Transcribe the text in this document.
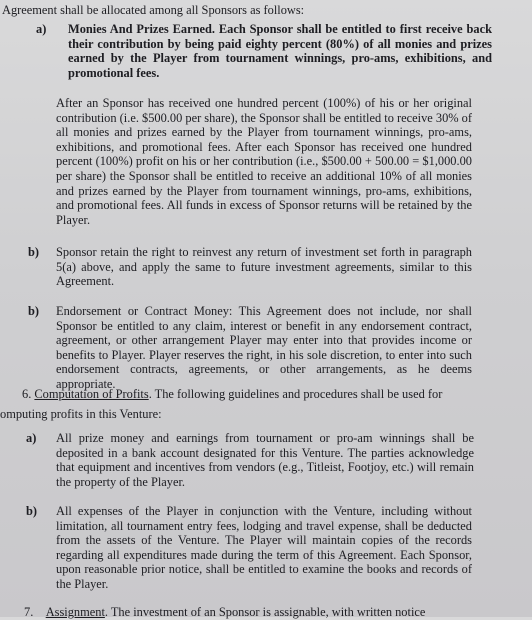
Agreement shall be allocated among all Sponsors as follows:

a) Monies And Prizes Earned. Each Sponsor shall be entitled to first receive back their contribution by being paid eighty percent (80%) of all monies and prizes earned by the Player from tournament winnings, pro-ams, exhibitions, and promotional fees.

After an Sponsor has received one hundred percent (100%) of his or her original contribution (i.e. $500.00 per share), the Sponsor shall be entitled to receive 30% of all monies and prizes earned by the Player from tournament winnings, pro-ams, exhibitions, and promotional fees. After each Sponsor has received one hundred percent (100%) profit on his or her contribution (i.e., $500.00 + 500.00 = $1,000.00 per share) the Sponsor shall be entitled to receive an additional 10% of all monies and prizes earned by the Player from tournament winnings, pro-ams, exhibitions, and promotional fees. All funds in excess of Sponsor returns will be retained by the Player.

b) Sponsor retain the right to reinvest any return of investment set forth in paragraph 5(a) above, and apply the same to future investment agreements, similar to this Agreement.

b) Endorsement or Contract Money: This Agreement does not include, nor shall Sponsor be entitled to any claim, interest or benefit in any endorsement contract, agreement, or other arrangement Player may enter into that provides income or benefits to Player. Player reserves the right, in his sole discretion, to enter into such endorsement contracts, agreements, or other arrangements, as he deems appropriate.

6. Computation of Profits. The following guidelines and procedures shall be used for

omputing profits in this Venture:

a) All prize money and earnings from tournament or pro-am winnings shall be deposited in a bank account designated for this Venture. The parties acknowledge that equipment and incentives from vendors (e.g., Titleist, Footjoy, etc.) will remain the property of the Player.

b) All expenses of the Player in conjunction with the Venture, including without limitation, all tournament entry fees, lodging and travel expense, shall be deducted from the assets of the Venture. The Player will maintain copies of the records regarding all expenditures made during the term of this Agreement. Each Sponsor, upon reasonable prior notice, shall be entitled to examine the books and records of the Player.

7. Assignment. The investment of an Sponsor is assignable, with written notice
